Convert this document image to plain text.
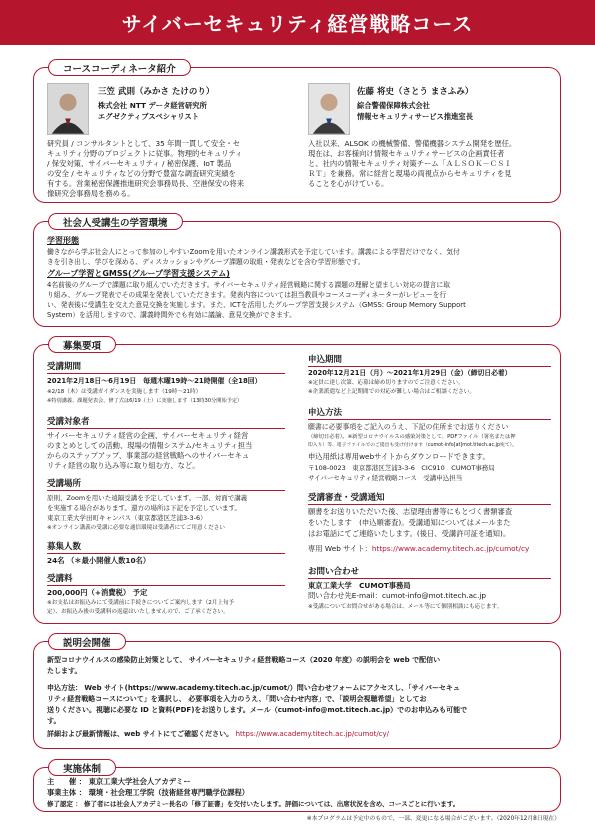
サイバーセキュリティ経営戦略コース
コースコーディネータ紹介
三笠 武則（みかさ たけのり）
株式会社 NTT データ経営研究所
エグゼクティブスペシャリスト
研究員 / コンサルタントとして、35 年間一貫して安全・セ
キュリティ分野のプロジェクトに従事。物理的セキュリティ
/ 保安対策、サイバーセキュリティ / 秘密保護、IoT 製品
の安全 / セキュリティなどの分野で豊富な調査研究実績を
有する。営業秘密保護推進研究会事務局長、空港保安の将来
像研究会事務局を務める。
佐藤 将史（さとう まさふみ）
綜合警備保障株式会社
情報セキュリティサービス推進室長
入社以来、ALSOK の機械警備、警備機器システム開発を歴任。
現在は、お客様向け情報セキュリティサービスの企画責任者
と、社内の情報セキュリティ対策チーム「ＡＬＳＯＫ－ＣＳＩ
ＲＴ」を兼務。常に経営と現場の両視点からセキュリティを見
ることを心がけている。
社会人受講生の学習環境
学習形態
働きながら学ぶ社会人にとって参加のしやすいZoomを用いたオンライン講義形式を予定しています。講義による学習だけでなく、気付
きを引き出し、学びを深める、ディスカッションやグループ課題の取組・発表などを含む学習形態です。
グループ学習とGMSS(グループ学習支援システム)
4名前後のグループで課題に取り組んでいただきます。サイバーセキュリティ経営戦略に関する課題の理解と望ましい対応の提言に取
り組み、グループ発表でその成果を発表していただきます。発表内容については担当教員やコースコーディネーターがレビューを行
い、発表後に受講生を交えた意見交換を実施します。また、ICTを活用したグループ学習支援システム（GMSS: Group Memory Support
System）を活用しますので、講義時間外でも有効に議論、意見交換ができます。
募集要項
受講期間
2021年2月18日～6月19日　毎週木曜19時～21時開催（全18回）
※2/18（木）は受講ガイダンスを実施します（19時～21時）
※特別講義、課題発表会、修了式は6/19（土）に実施します（13時30分開始予定）
受講対象者
サイバーセキュリティ経営の企画、サイバーセキュリティ経営
のまとめとしての活動、現場の情報システム/セキュリティ担当
からのステップアップ、事業部の経営戦略へのサイバーセキュ
リティ経営の取り込み等に取り組む方、など。
受講場所
原則、Zoomを用いた遠隔受講を予定しています。一部、対面で講義
を実施する場合があります。還方の場所は下記を予定しています。
東京工業大学田町キャンパス（東京都港区芝浦3-3-6）
※オンライン講義の受講に必要な通信環境は受講者にてご用意ください
募集人数
24名 （＊最小開催人数10名）
受講料
200,000円（+消費税） 予定
※お支払はお振込みにて受講前に手続きについてご案内します（2月上旬予
定）、お振込み後の受講料の返還はいたしませんので、ご了承ください。
申込期間
2020年12月21日（月）～2021年1月29日（金）（締切日必着）
※定員に達し次第、応募は締め切りますのでご注意ください。
※企業派遣など上記期間での対応が難しい場合はご相談ください。
申込方法
願書に必要事項をご記入のうえ、下記の住所までお送りください
（締切日必着）。※新型コロナウイルスの感染対策として、PDFファイル（署名または押
印入り）等、電子ファイルでのご提出も受け付けます（cumot-info[at]mot.titech.ac.jp宛て）。
申込用紙は専用webサイトからダウンロードできます。
〒108-0023　東京都港区芝浦3-3-6　CIC910　CUMOT事務局
サイバーセキュリティ経営戦略コース　受講申込担当
受講審査・受講通知
願書をお送りいただいた後、志望理由書等にもとづく書類審査
をいたします　(申込順審査)。受講通知についてはメールまた
はお電話にてご連絡いたします。(後日、受講許可証を通知)。
専用 Web サイト：https://www.academy.titech.ac.jp/cumot/cy
お問い合わせ
東京工業大学　CUMOT事務局
問い合わせ先E-mail：cumot-info@mot.titech.ac.jp
※受講についてお問合せがある場合は、メール等にて個別相談にも応じます。
説明会開催
新型コロナウイルスの感染防止対策として、 サイバーセキュリティ経営戦略コース（2020 年度）の説明会を web で配信い
たします。
申込方法： Web サイト(https://www.academy.titech.ac.jp/cumot/）問い合わせフォームにアクセスし、「サイバーセキュ
リティ経営戦略コースについて」を選択し、 必要事項を入力のうえ、「問い合わせ内容」で、「説明会視聴希望」としてお
送りください。視聴に必要な ID と資料(PDF)をお送りします。メール（cumot-info@mot.titech.ac.jp）でのお申込みも可能で
す。
詳細および最新情報は、web サイトにてご確認ください。 https://www.academy.titech.ac.jp/cumot/cy/
実施体制
主　　催 ： 東京工業大学社会人アカデミー
事業主体 ： 環境・社会理工学院（技術経営専門職学位課程）
修了認定 ： 修了者には社会人アカデミー長名の「修了証書」を交付いたします。評価については、出席状況を含め、コースごとに行います。
※本プログラムは予定中のもので、一部、変更になる場合がございます。（2020年12月8日現在）
